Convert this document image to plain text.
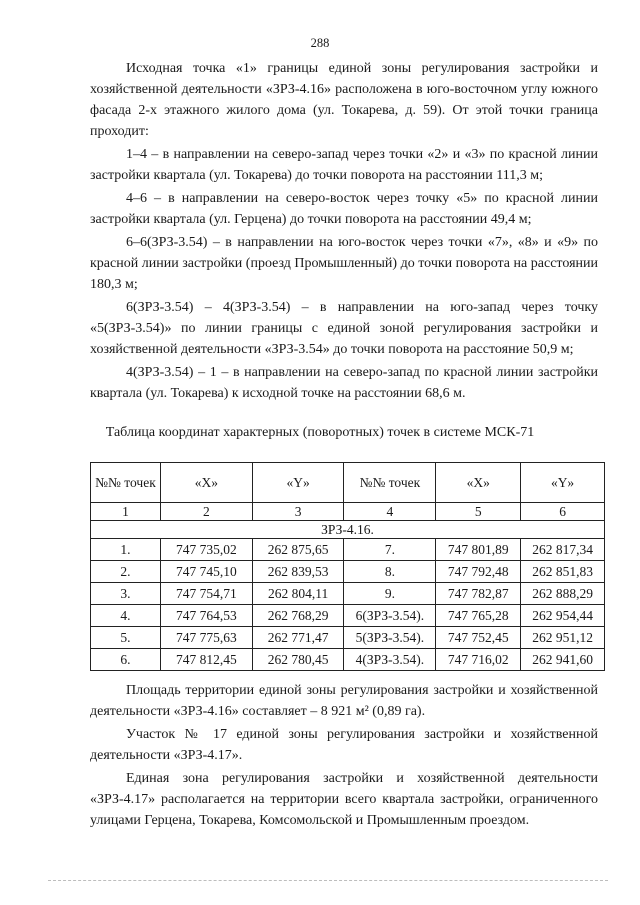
288

Исходная точка «1» границы единой зоны регулирования застройки и хозяйственной деятельности «ЗРЗ-4.16» расположена в юго-восточном углу южного фасада 2-х этажного жилого дома (ул. Токарева, д. 59). От этой точки граница проходит:

1–4 – в направлении на северо-запад через точки «2» и «3» по красной линии застройки квартала (ул. Токарева) до точки поворота на расстоянии 111,3 м;

4–6 – в направлении на северо-восток через точку «5» по красной линии застройки квартала (ул. Герцена) до точки поворота на расстоянии 49,4 м;

6–6(ЗРЗ-3.54) – в направлении на юго-восток через точки «7», «8» и «9» по красной линии застройки (проезд Промышленный) до точки поворота на расстоянии 180,3 м;

6(ЗРЗ-3.54) – 4(ЗРЗ-3.54) – в направлении на юго-запад через точку «5(ЗРЗ-3.54)» по линии границы с единой зоной регулирования застройки и хозяйственной деятельности «ЗРЗ-3.54» до точки поворота на расстояние 50,9 м;

4(ЗРЗ-3.54) – 1 – в направлении на северо-запад по красной линии застройки квартала (ул. Токарева) к исходной точке на расстоянии 68,6 м.

Таблица координат характерных (поворотных) точек в системе МСК-71
№№ точек	«X»	«Y»	№№ точек	«X»	«Y»
1	2	3	4	5	6
ЗРЗ-4.16.					
1.	747 735,02	262 875,65	7.	747 801,89	262 817,34
2.	747 745,10	262 839,53	8.	747 792,48	262 851,83
3.	747 754,71	262 804,11	9.	747 782,87	262 888,29
4.	747 764,53	262 768,29	6(ЗРЗ-3.54).	747 765,28	262 954,44
5.	747 775,63	262 771,47	5(ЗРЗ-3.54).	747 752,45	262 951,12
6.	747 812,45	262 780,45	4(ЗРЗ-3.54).	747 716,02	262 941,60

Площадь территории единой зоны регулирования застройки и хозяйственной деятельности «ЗРЗ-4.16» составляет – 8 921 м² (0,89 га).

Участок № 17 единой зоны регулирования застройки и хозяйственной деятельности «ЗРЗ-4.17».

Единая зона регулирования застройки и хозяйственной деятельности «ЗРЗ-4.17» располагается на территории всего квартала застройки, ограниченного улицами Герцена, Токарева, Комсомольской и Промышленным проездом.
